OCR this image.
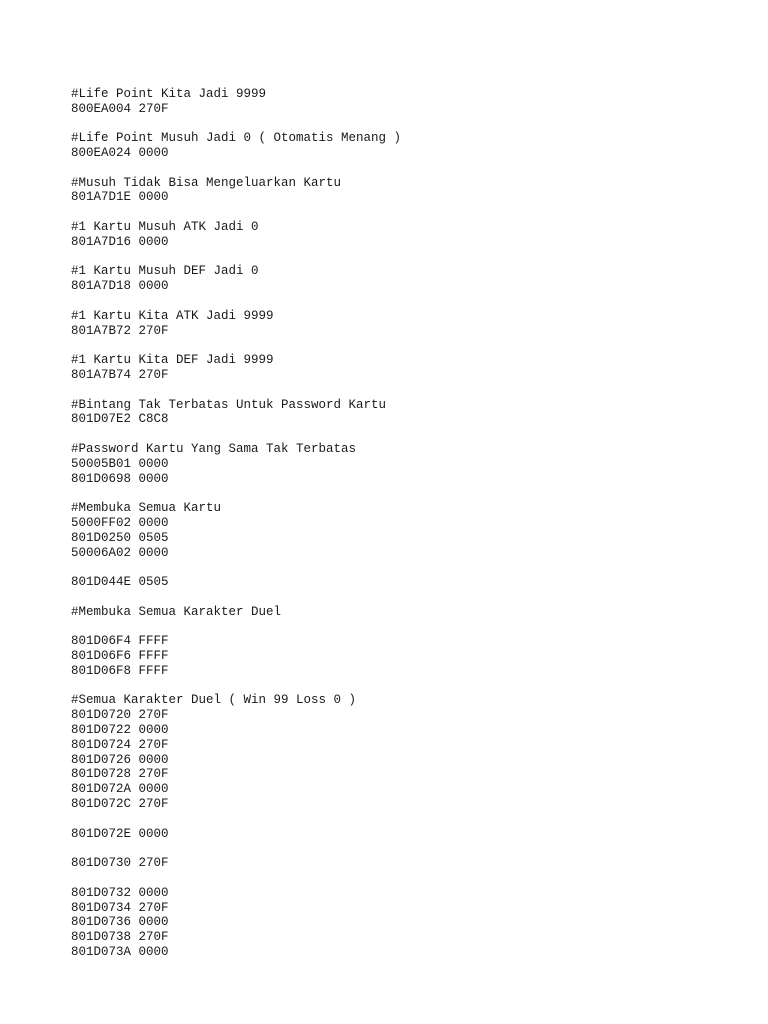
#Life Point Kita Jadi 9999
800EA004 270F
#Life Point Musuh Jadi 0 ( Otomatis Menang )
800EA024 0000
#Musuh Tidak Bisa Mengeluarkan Kartu
801A7D1E 0000
#1 Kartu Musuh ATK Jadi 0
801A7D16 0000
#1 Kartu Musuh DEF Jadi 0
801A7D18 0000
#1 Kartu Kita ATK Jadi 9999
801A7B72 270F
#1 Kartu Kita DEF Jadi 9999
801A7B74 270F
#Bintang Tak Terbatas Untuk Password Kartu
801D07E2 C8C8
#Password Kartu Yang Sama Tak Terbatas
50005B01 0000
801D0698 0000
#Membuka Semua Kartu
5000FF02 0000
801D0250 0505
50006A02 0000
801D044E 0505
#Membuka Semua Karakter Duel
801D06F4 FFFF
801D06F6 FFFF
801D06F8 FFFF
#Semua Karakter Duel ( Win 99 Loss 0 )
801D0720 270F
801D0722 0000
801D0724 270F
801D0726 0000
801D0728 270F
801D072A 0000
801D072C 270F
801D072E 0000
801D0730 270F
801D0732 0000
801D0734 270F
801D0736 0000
801D0738 270F
801D073A 0000
